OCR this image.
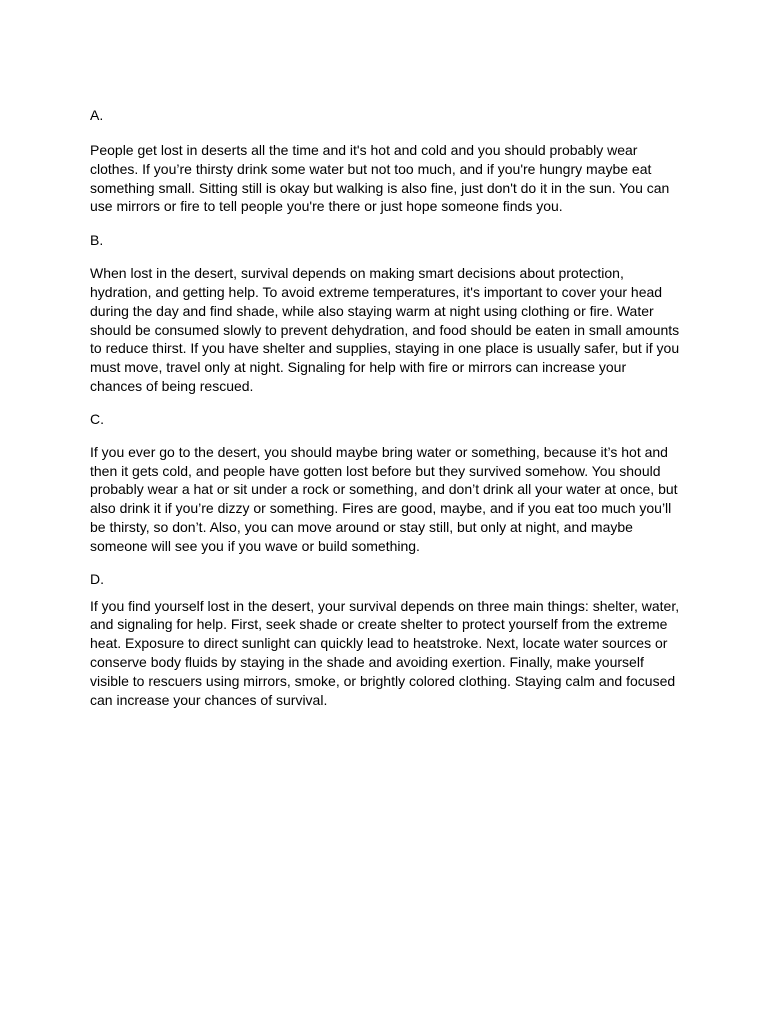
A.

People get lost in deserts all the time and it's hot and cold and you should probably wear clothes. If you’re thirsty drink some water but not too much, and if you're hungry maybe eat something small. Sitting still is okay but walking is also fine, just don't do it in the sun. You can use mirrors or fire to tell people you're there or just hope someone finds you.

B.

When lost in the desert, survival depends on making smart decisions about protection, hydration, and getting help. To avoid extreme temperatures, it's important to cover your head during the day and find shade, while also staying warm at night using clothing or fire. Water should be consumed slowly to prevent dehydration, and food should be eaten in small amounts to reduce thirst. If you have shelter and supplies, staying in one place is usually safer, but if you must move, travel only at night. Signaling for help with fire or mirrors can increase your chances of being rescued.

C.

If you ever go to the desert, you should maybe bring water or something, because it’s hot and then it gets cold, and people have gotten lost before but they survived somehow. You should probably wear a hat or sit under a rock or something, and don’t drink all your water at once, but also drink it if you’re dizzy or something. Fires are good, maybe, and if you eat too much you’ll be thirsty, so don’t. Also, you can move around or stay still, but only at night, and maybe someone will see you if you wave or build something.

D.

If you find yourself lost in the desert, your survival depends on three main things: shelter, water, and signaling for help. First, seek shade or create shelter to protect yourself from the extreme heat. Exposure to direct sunlight can quickly lead to heatstroke. Next, locate water sources or conserve body fluids by staying in the shade and avoiding exertion. Finally, make yourself visible to rescuers using mirrors, smoke, or brightly colored clothing. Staying calm and focused can increase your chances of survival.
